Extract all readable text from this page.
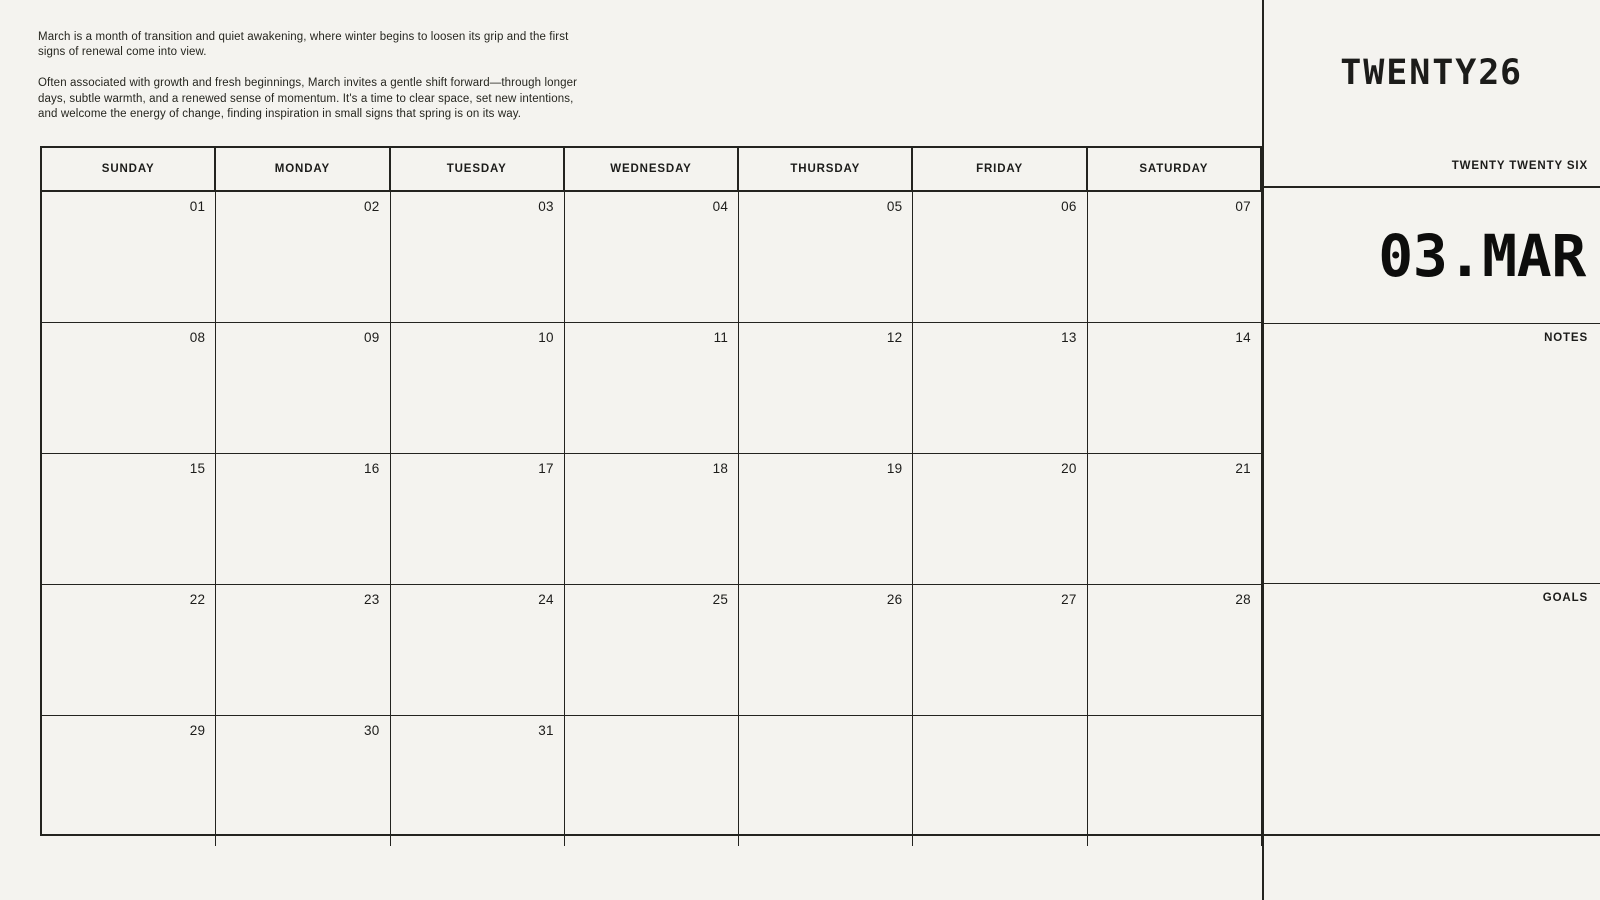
March is a month of transition and quiet awakening, where winter begins to loosen its grip and the first signs of renewal come into view.

Often associated with growth and fresh beginnings, March invites a gentle shift forward—through longer days, subtle warmth, and a renewed sense of momentum. It's a time to clear space, set new intentions, and welcome the energy of change, finding inspiration in small signs that spring is on its way.

TWENTY26
SUNDAY	MONDAY	TUESDAY	WEDNESDAY	THURSDAY	FRIDAY	SATURDAY
01	02	03	04	05	06	07
08	09	10	11	12	13	14
15	16	17	18	19	20	21
22	23	24	25	26	27	28
29	30	31
TWENTY TWENTY SIX
03.MAR
NOTES
GOALS
